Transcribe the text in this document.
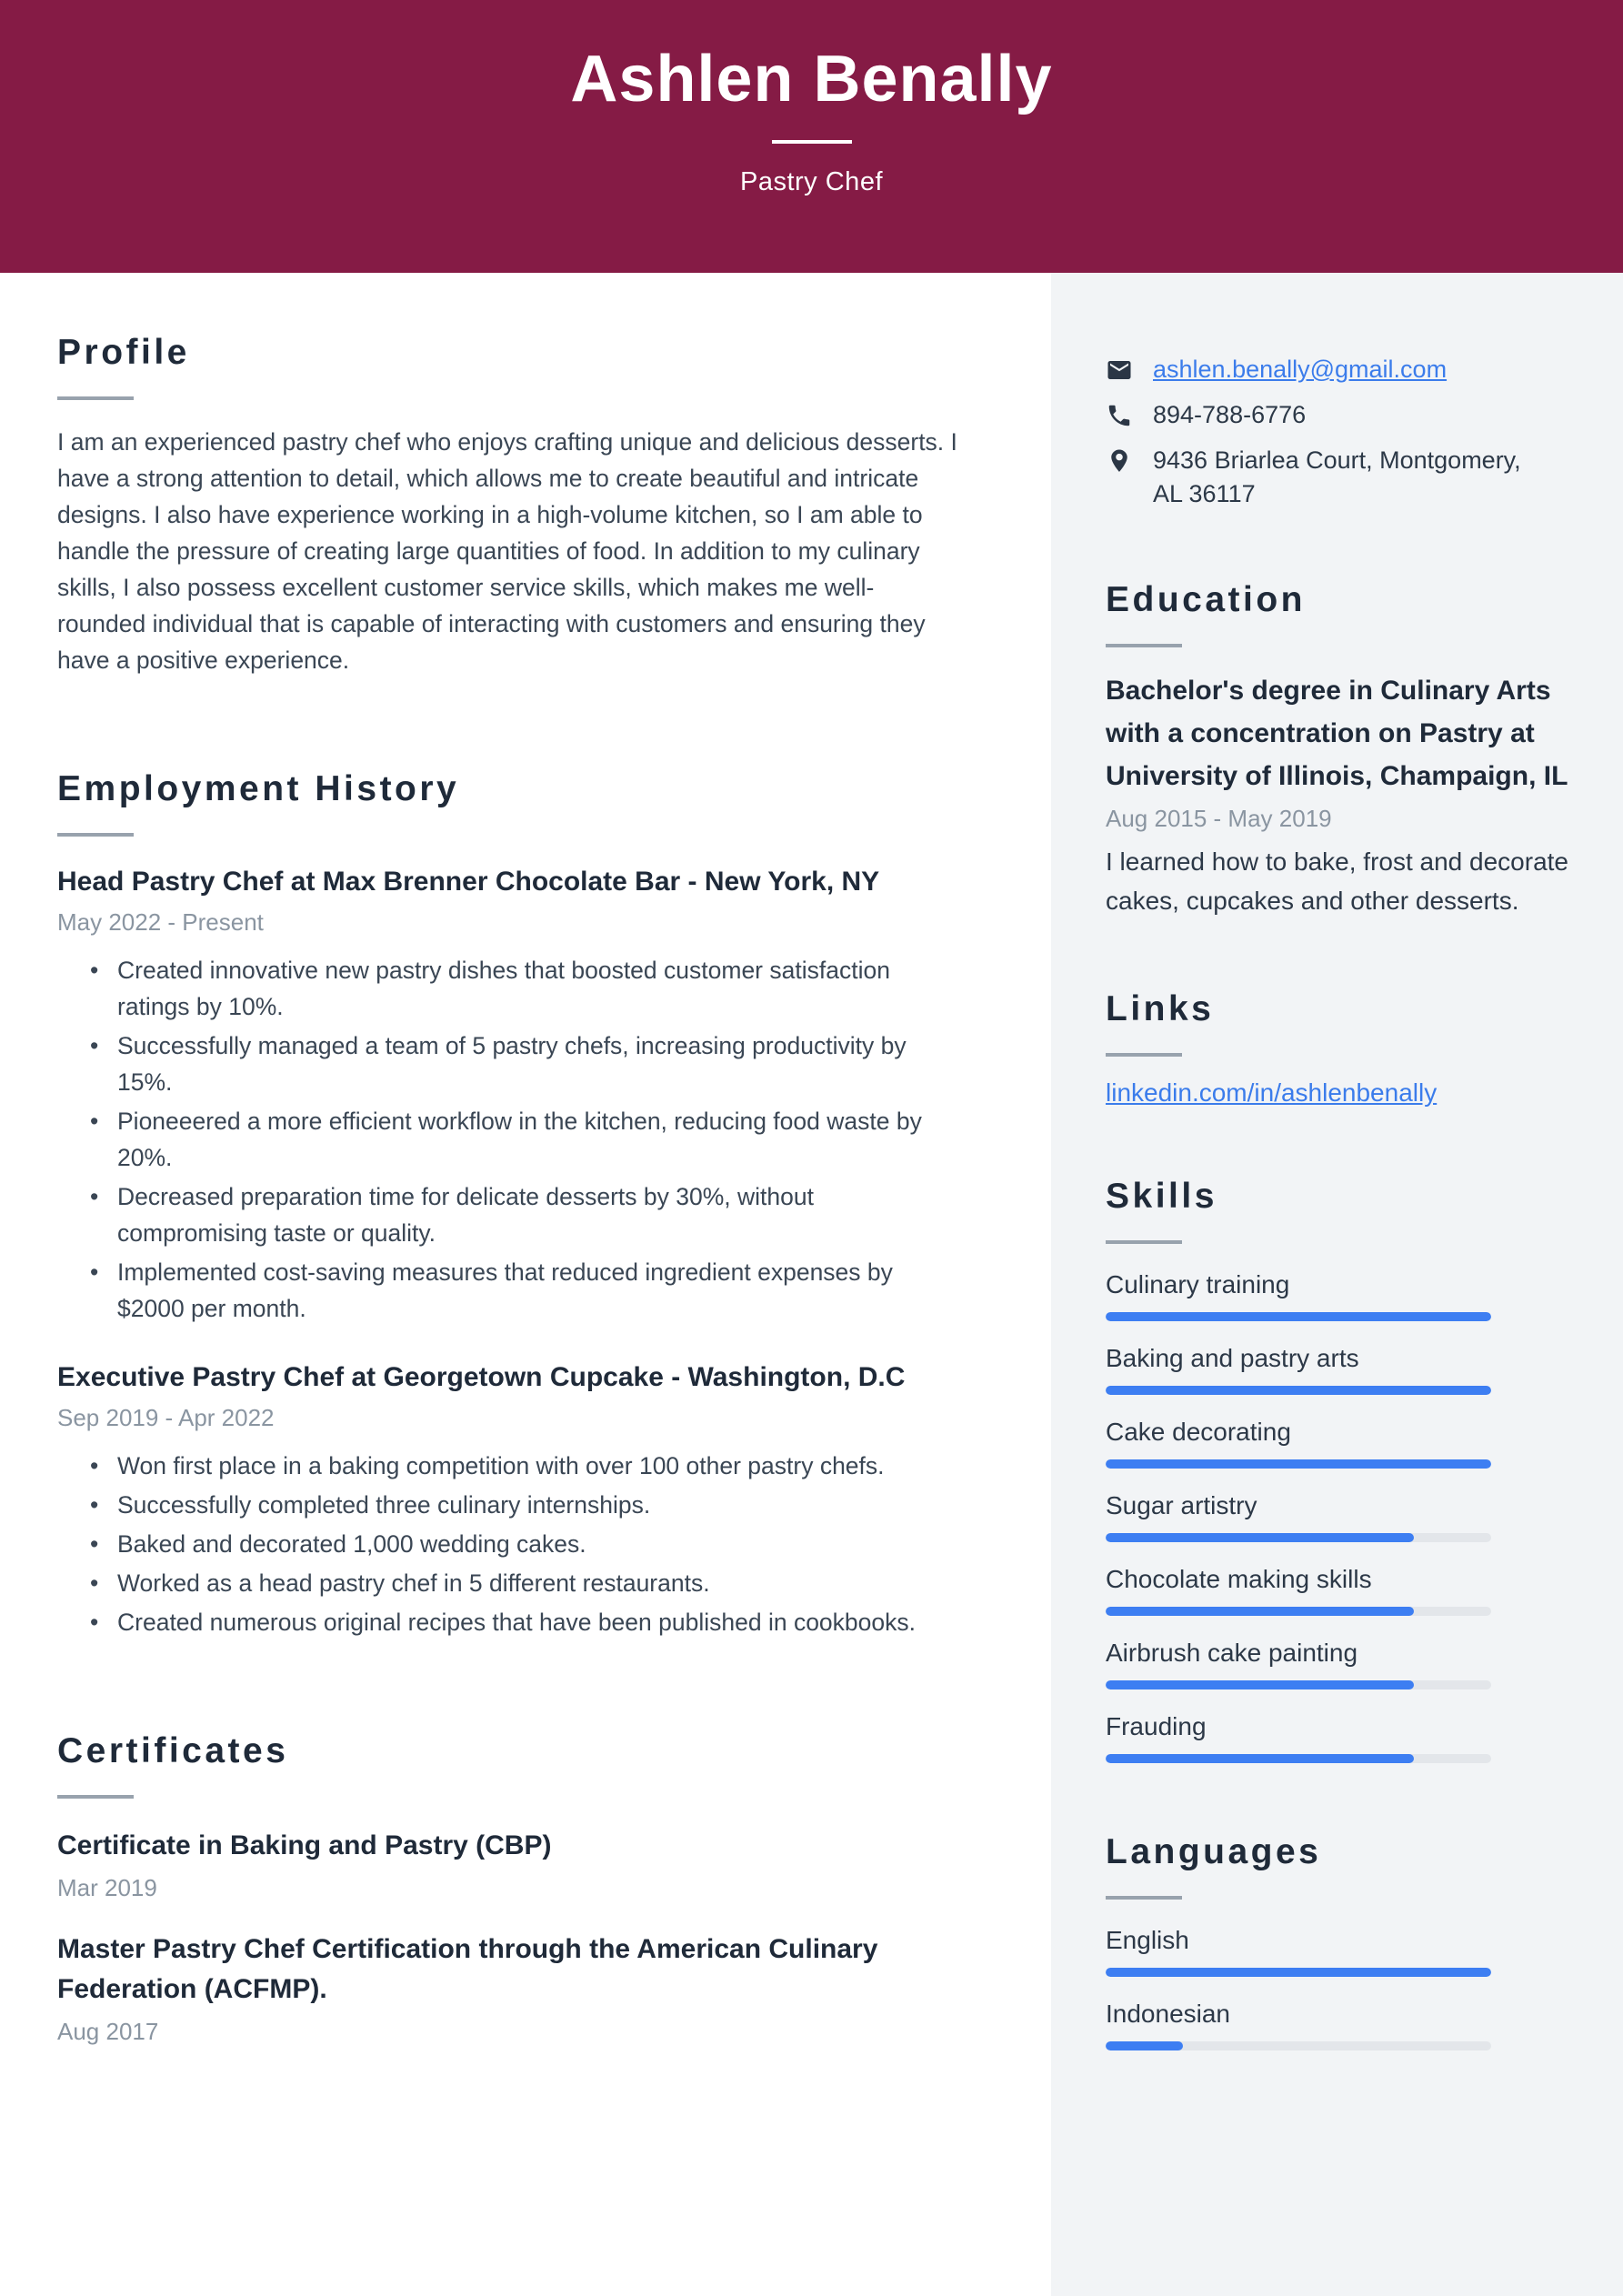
Ashlen Benally
Pastry Chef
Profile

I am an experienced pastry chef who enjoys crafting unique and delicious desserts. I have a strong attention to detail, which allows me to create beautiful and intricate designs. I also have experience working in a high-volume kitchen, so I am able to handle the pressure of creating large quantities of food. In addition to my culinary skills, I also possess excellent customer service skills, which makes me well-rounded individual that is capable of interacting with customers and ensuring they have a positive experience.

Employment History
Head Pastry Chef at Max Brenner Chocolate Bar - New York, NY
May 2022 - Present
• Created innovative new pastry dishes that boosted customer satisfaction ratings by 10%.
• Successfully managed a team of 5 pastry chefs, increasing productivity by 15%.
• Pioneeered a more efficient workflow in the kitchen, reducing food waste by 20%.
• Decreased preparation time for delicate desserts by 30%, without compromising taste or quality.
• Implemented cost-saving measures that reduced ingredient expenses by $2000 per month.
Executive Pastry Chef at Georgetown Cupcake - Washington, D.C
Sep 2019 - Apr 2022
• Won first place in a baking competition with over 100 other pastry chefs.
• Successfully completed three culinary internships.
• Baked and decorated 1,000 wedding cakes.
• Worked as a head pastry chef in 5 different restaurants.
• Created numerous original recipes that have been published in cookbooks.
Certificates
Certificate in Baking and Pastry (CBP)
Mar 2019
Master Pastry Chef Certification through the American Culinary Federation (ACFMP).
Aug 2017
ashlen.benally@gmail.com
894-788-6776
9436 Briarlea Court, Montgomery, AL 36117
Education
Bachelor's degree in Culinary Arts with a concentration on Pastry at University of Illinois, Champaign, IL
Aug 2015 - May 2019
I learned how to bake, frost and decorate cakes, cupcakes and other desserts.
Links
linkedin.com/in/ashlenbenally
Skills
Culinary training
Baking and pastry arts
Cake decorating
Sugar artistry
Chocolate making skills
Airbrush cake painting
Frauding
Languages
English
Indonesian
